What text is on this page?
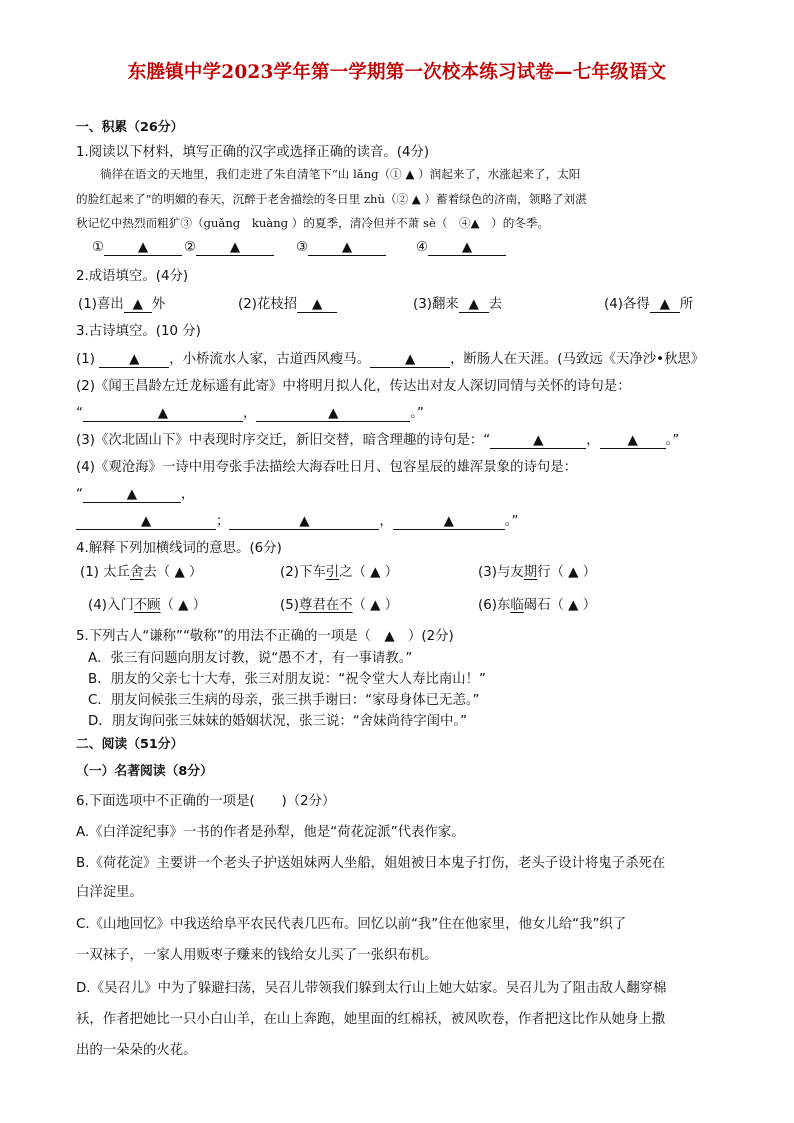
东塍镇中学2023学年第一学期第一次校本练习试卷—七年级语文
一、积累（26分）
1.阅读以下材料，填写正确的汉字或选择正确的读音。(4分)
徜徉在语文的天地里，我们走进了朱自清笔下“山 lǎng（① ▲ ）润起来了，水涨起来了，太阳
的脸红起来了”的明媚的春天，沉醉于老舍描绘的冬日里 zhù（② ▲ ）蓄着绿色的济南，领略了刘湛
秋记忆中热烈而粗犷③（guǎng　kuàng ）的夏季，清冷但并不萧 sè（　④▲　）的冬季。
①	▲	②	▲	③	▲	④	▲
2.成语填空。(4分)
(1)喜出 ▲ 外	(2)花枝招 ▲	(3)翻来 ▲ 去	(4)各得 ▲ 所
3.古诗填空。(10 分)
(1)	▲ ，小桥流水人家，古道西风瘦马。	▲	，断肠人在天涯。(马致远《天净沙•秋思》
(2)《闻王昌龄左迁龙标遥有此寄》中将明月拟人化，传达出对友人深切同情与关怀的诗句是：
“	▲	，	▲	。”
(3)《次北固山下》中表现时序交迁，新旧交替，暗含理趣的诗句是：“	▲	， ▲ 。”
(4)《观沧海》一诗中用夸张手法描绘大海吞吐日月、包容星辰的雄浑景象的诗句是：
“	▲	，
▲	；	▲	，	▲	。”
4.解释下列加横线词的意思。(6分)
(1) 太丘舍去（ ▲ ）	(2)下车引之（ ▲ ）	(3)与友期行（ ▲ ）
(4)入门不顾（ ▲ ）	(5)尊君在不（ ▲ ）	(6)东临碣石（ ▲ ）
5.下列古人“谦称”“敬称”的用法不正确的一项是（　▲　）(2分)
A．张三有问题向朋友讨教，说“愚不才，有一事请教。”
B．朋友的父亲七十大寿，张三对朋友说：“祝令堂大人寿比南山！”
C．朋友问候张三生病的母亲，张三拱手谢曰：“家母身体已无恙。”
D．朋友询问张三妹妹的婚姻状况，张三说：“舍妹尚待字闺中。”
二、阅读（51分）
（一）名著阅读（8分）
6.下面选项中不正确的一项是(　　)（2分）
A.《白洋淀纪事》一书的作者是孙犁，他是“荷花淀派”代表作家。
B.《荷花淀》主要讲一个老头子护送姐妹两人坐船，姐姐被日本鬼子打伤，老头子设计将鬼子杀死在
白洋淀里。
C.《山地回忆》中我送给阜平农民代表几匹布。回忆以前“我”住在他家里，他女儿给“我”织了
一双袜子，一家人用贩枣子赚来的钱给女儿买了一张织布机。
D.《吴召儿》中为了躲避扫荡，吴召儿带领我们躲到太行山上她大姑家。吴召儿为了阻击敌人翻穿棉
袄，作者把她比一只小白山羊，在山上奔跑，她里面的红棉袄，被风吹卷，作者把这比作从她身上撒
出的一朵朵的火花。
